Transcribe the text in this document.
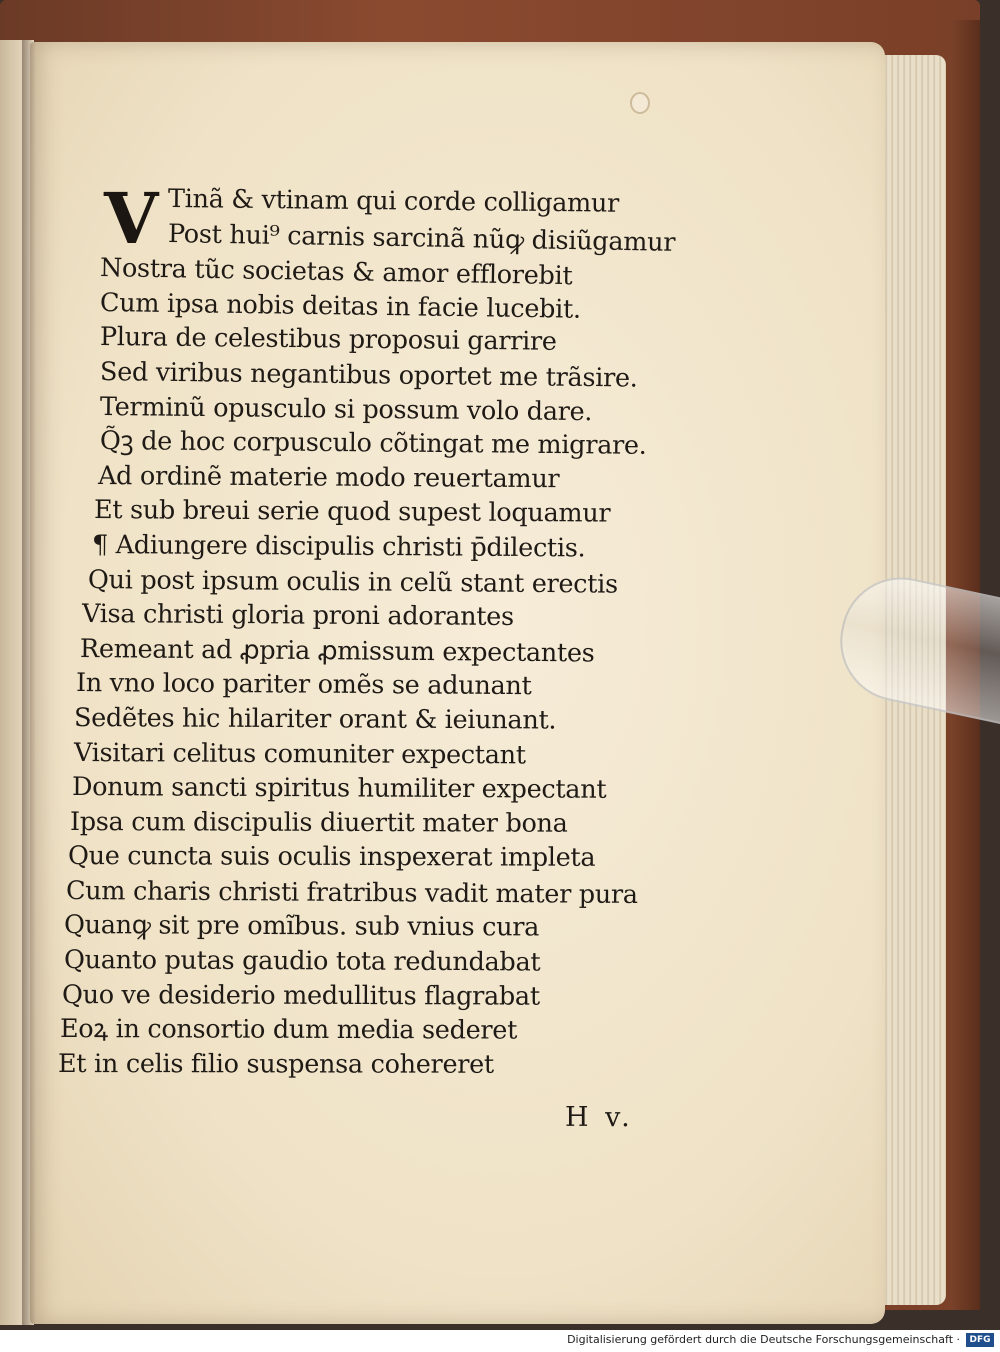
V Tinã & vtinam qui corde colligamur
Post hui⁹ carnis sarcinã nũꝙ disiũgamur
Nostra tũc societas & amor efflorebit
Cum ipsa nobis deitas in facie lucebit.
Plura de celestibus proposui garrire
Sed viribus negantibus oportet me trãsire.
Terminũ opusculo si possum volo dare.
Q̃ꝫ de hoc corpusculo cõtingat me migrare.
Ad ordinẽ materie modo reuertamur
Et sub breui serie quod supest loquamur
¶ Adiungere discipulis christi p̄dilectis.
Qui post ipsum oculis in celũ stant erectis
Visa christi gloria proni adorantes
Remeant ad ꝓpria ꝓmissum expectantes
In vno loco pariter omẽs se adunant
Sedẽtes hic hilariter orant & ieiunant.
Visitari celitus comuniter expectant
Donum sancti spiritus humiliter expectant
Ipsa cum discipulis diuertit mater bona
Que cuncta suis oculis inspexerat impleta
Cum charis christi fratribus vadit mater pura
Quanꝙ sit pre omĩbus. sub vnius cura
Quanto putas gaudio tota redundabat
Quo ve desiderio medullitus flagrabat
Eoꝝ in consortio dum media sederet
Et in celis filio suspensa cohereret
H v.
Digitalisierung gefördert durch die Deutsche Forschungsgemeinschaft ·	DFG
